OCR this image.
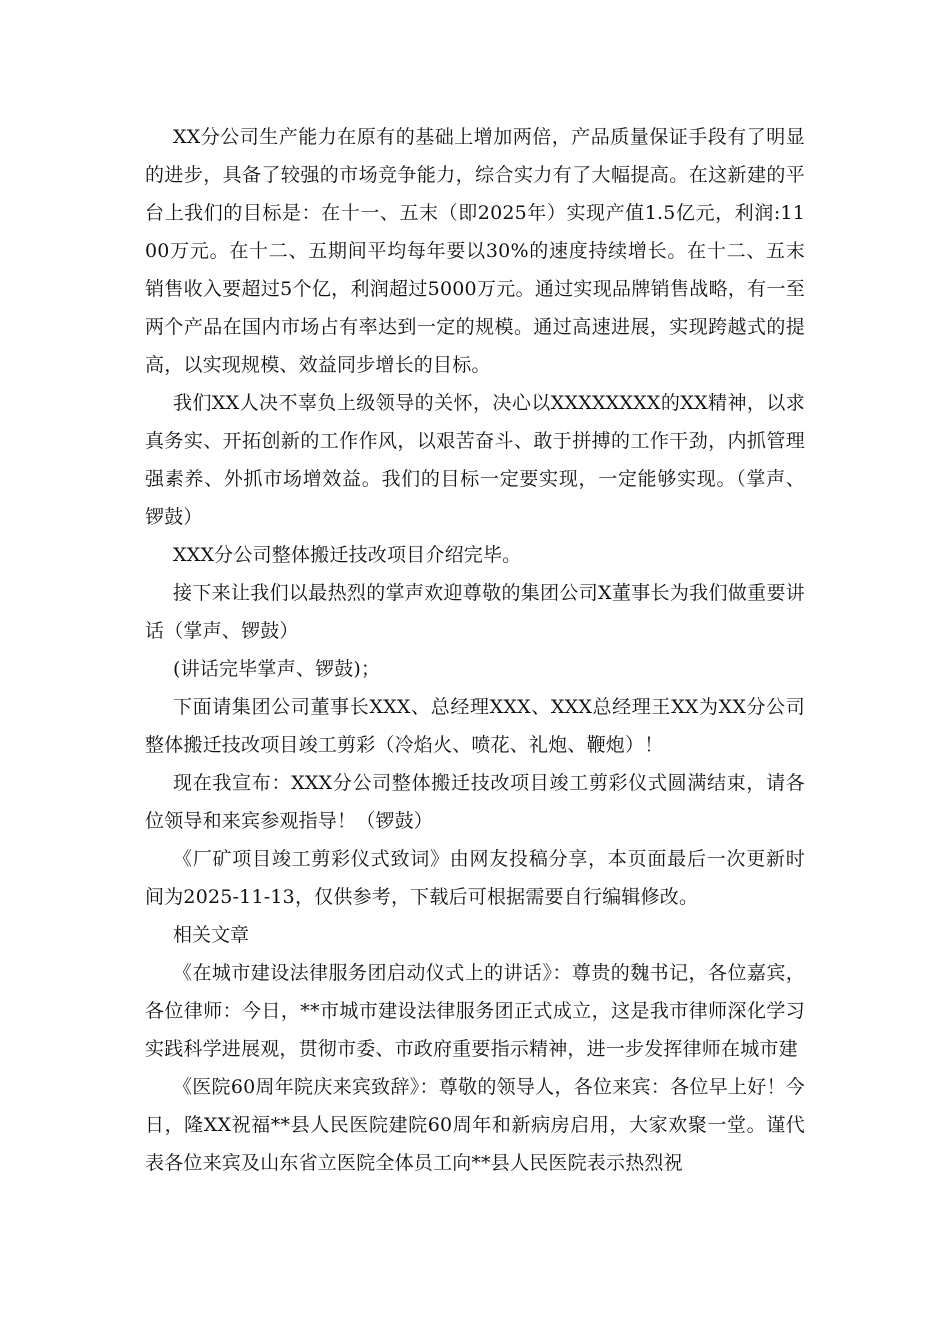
XX分公司生产能力在原有的基础上增加两倍，产品质量保证手段有了明显的进步，具备了较强的市场竞争能力，综合实力有了大幅提高。在这新建的平台上我们的目标是：在十一、五末（即2025年）实现产值1.5亿元，利润:1100万元。在十二、五期间平均每年要以30%的速度持续增长。在十二、五末销售收入要超过5个亿，利润超过5000万元。通过实现品牌销售战略，有一至两个产品在国内市场占有率达到一定的规模。通过高速进展，实现跨越式的提高，以实现规模、效益同步增长的目标。

我们XX人决不辜负上级领导的关怀，决心以XXXXXXXX的XX精神，以求真务实、开拓创新的工作作风，以艰苦奋斗、敢于拼搏的工作干劲，内抓管理强素养、外抓市场增效益。我们的目标一定要实现，一定能够实现。（掌声、锣鼓）

XXX分公司整体搬迁技改项目介绍完毕。

接下来让我们以最热烈的掌声欢迎尊敬的集团公司X董事长为我们做重要讲话（掌声、锣鼓）

(讲话完毕掌声、锣鼓)；

下面请集团公司董事长XXX、总经理XXX、XXX总经理王XX为XX分公司整体搬迁技改项目竣工剪彩（冷焰火、喷花、礼炮、鞭炮）！

现在我宣布：XXX分公司整体搬迁技改项目竣工剪彩仪式圆满结束，请各位领导和来宾参观指导！（锣鼓）

《厂矿项目竣工剪彩仪式致词》由网友投稿分享，本页面最后一次更新时间为2025-11-13，仅供参考，下载后可根据需要自行编辑修改。

相关文章

《在城市建设法律服务团启动仪式上的讲话》：尊贵的魏书记，各位嘉宾，各位律师：今日，**市城市建设法律服务团正式成立，这是我市律师深化学习实践科学进展观，贯彻市委、市政府重要指示精神，进一步发挥律师在城市建

《医院60周年院庆来宾致辞》：尊敬的领导人，各位来宾：各位早上好！今日，隆XX祝福**县人民医院建院60周年和新病房启用，大家欢聚一堂。谨代表各位来宾及山东省立医院全体员工向**县人民医院表示热烈祝
